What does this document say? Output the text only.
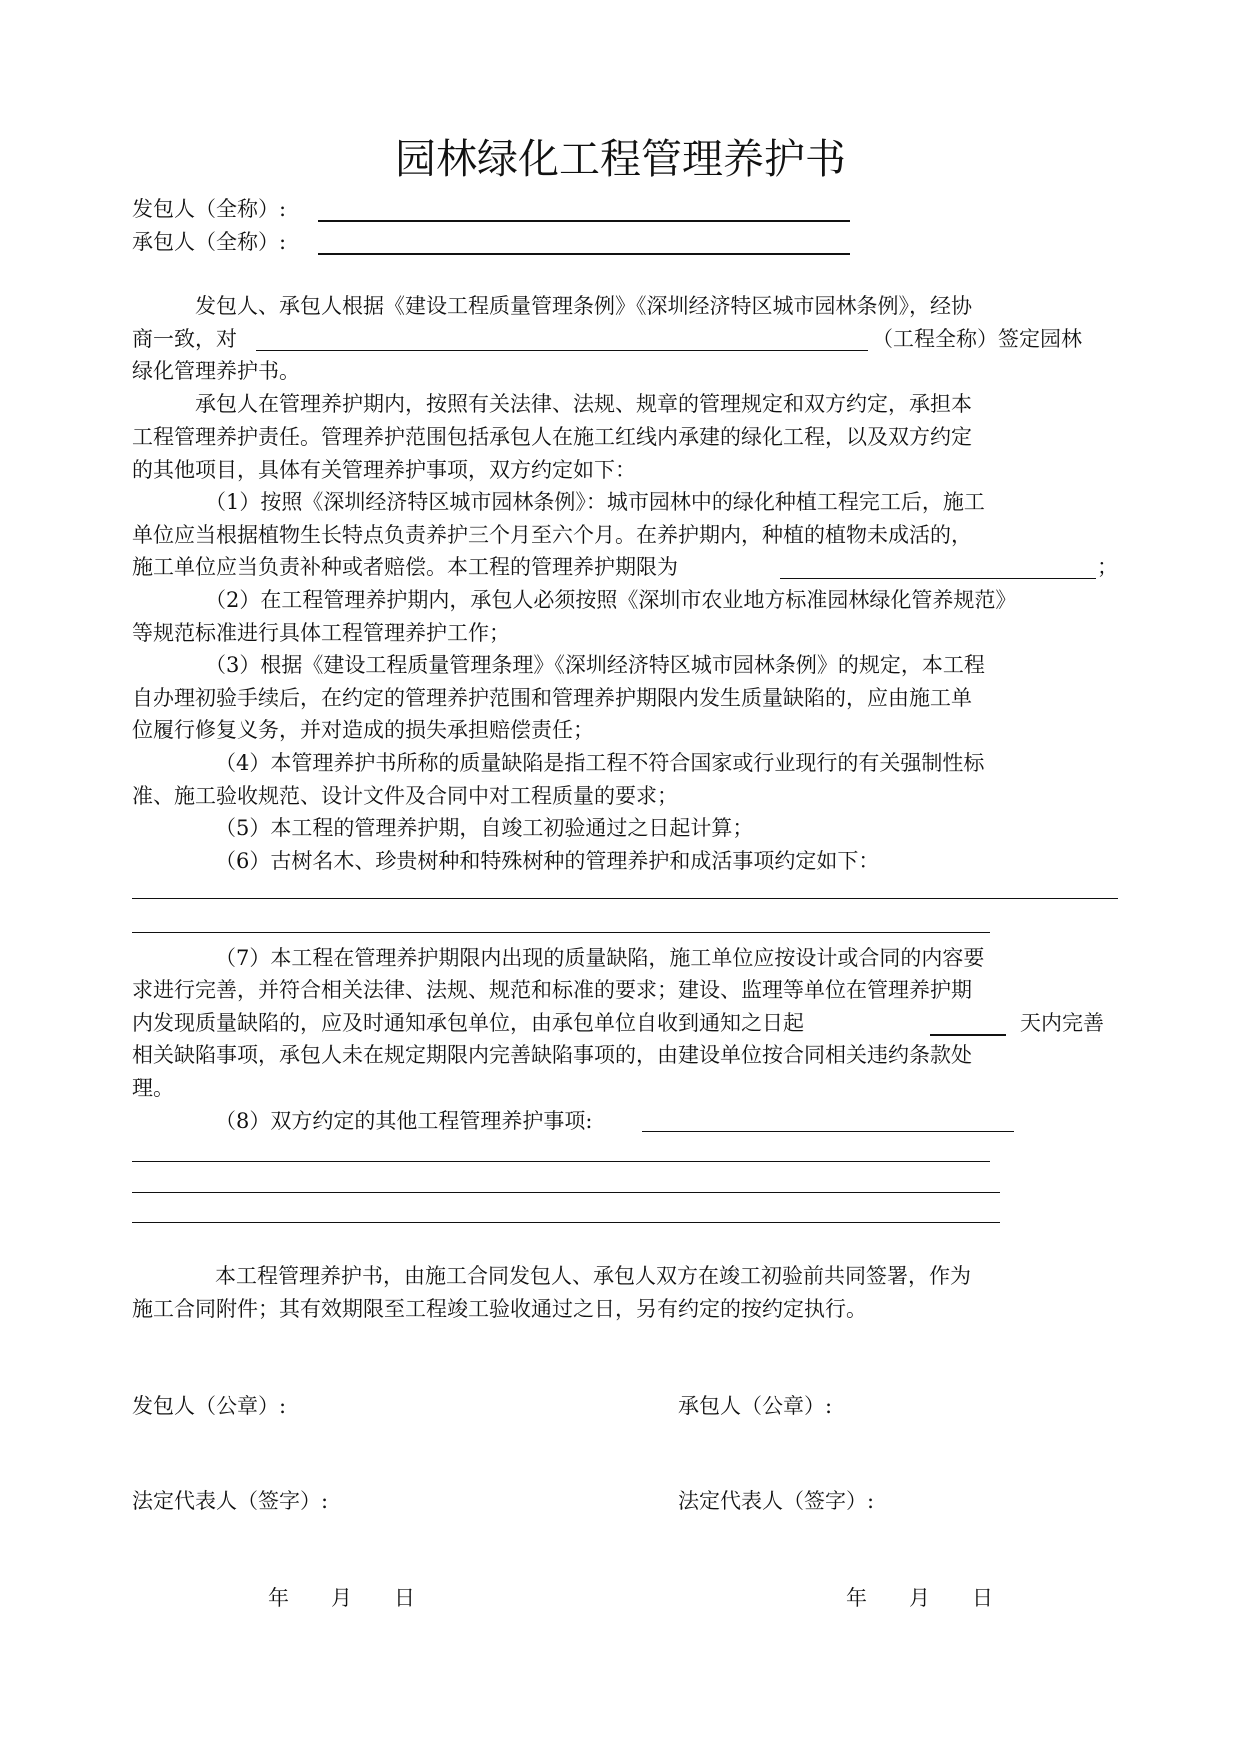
园林绿化工程管理养护书
发包人（全称）:
承包人（全称）:
发包人、承包人根据《建设工程质量管理条例》《深圳经济特区城市园林条例》，经协
商一致，对	（工程全称）签定园林
绿化管理养护书。
承包人在管理养护期内，按照有关法律、法规、规章的管理规定和双方约定，承担本
工程管理养护责任。管理养护范围包括承包人在施工红线内承建的绿化工程，以及双方约定
的其他项目，具体有关管理养护事项，双方约定如下：
（1）按照《深圳经济特区城市园林条例》：城市园林中的绿化种植工程完工后，施工
单位应当根据植物生长特点负责养护三个月至六个月。在养护期内，种植的植物未成活的，
施工单位应当负责补种或者赔偿。本工程的管理养护期限为	；
（2）在工程管理养护期内，承包人必须按照《深圳市农业地方标准园林绿化管养规范》
等规范标准进行具体工程管理养护工作；
（3）根据《建设工程质量管理条理》《深圳经济特区城市园林条例》的规定，本工程
自办理初验手续后，在约定的管理养护范围和管理养护期限内发生质量缺陷的，应由施工单
位履行修复义务，并对造成的损失承担赔偿责任；
（4）本管理养护书所称的质量缺陷是指工程不符合国家或行业现行的有关强制性标
准、施工验收规范、设计文件及合同中对工程质量的要求；
（5）本工程的管理养护期，自竣工初验通过之日起计算；
（6）古树名木、珍贵树种和特殊树种的管理养护和成活事项约定如下：
（7）本工程在管理养护期限内出现的质量缺陷，施工单位应按设计或合同的内容要
求进行完善，并符合相关法律、法规、规范和标准的要求；建设、监理等单位在管理养护期
内发现质量缺陷的，应及时通知承包单位，由承包单位自收到通知之日起	天内完善
相关缺陷事项，承包人未在规定期限内完善缺陷事项的，由建设单位按合同相关违约条款处
理。
（8）双方约定的其他工程管理养护事项:
本工程管理养护书，由施工合同发包人、承包人双方在竣工初验前共同签署，作为
施工合同附件；其有效期限至工程竣工验收通过之日，另有约定的按约定执行。
发包人（公章）:	承包人（公章）:
法定代表人（签字）:	法定代表人（签字）:
年 月 日	年 月 日
